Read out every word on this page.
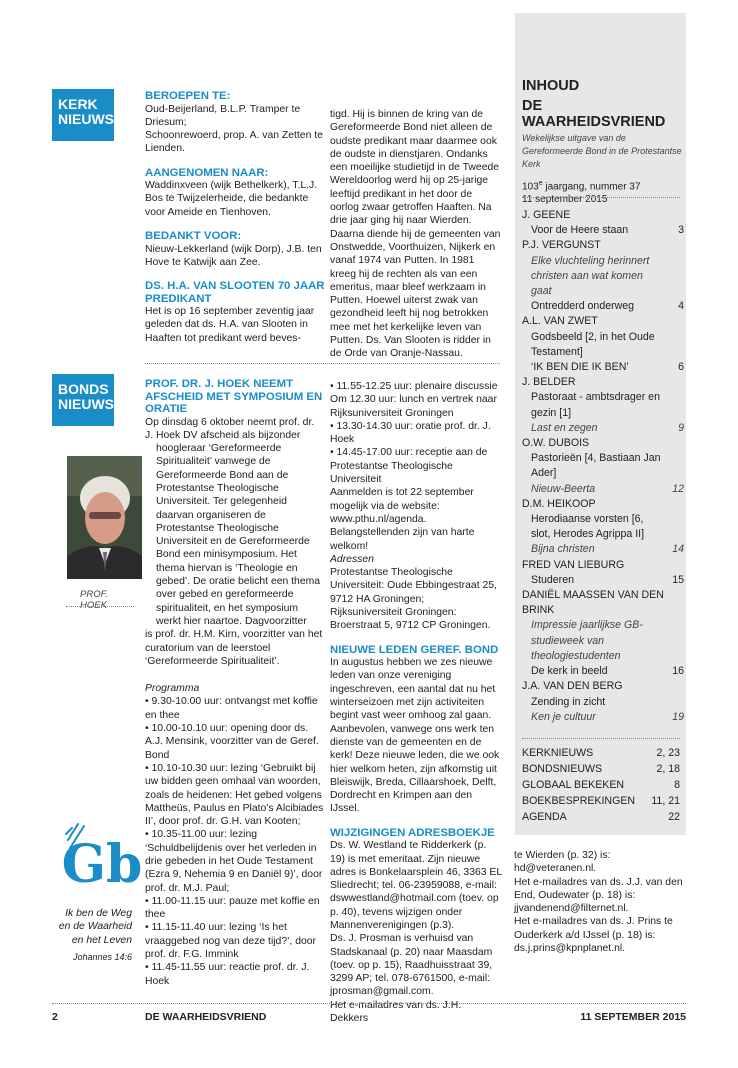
KERK
NIEUWS
BEROEPEN TE:

Oud-Beijerland, B.L.P. Tramper te Driesum;

Schoonrewoerd, prop. A. van Zetten te Lienden.

AANGENOMEN NAAR:

Waddinxveen (wijk Bethelkerk), T.L.J. Bos te Twijzelerheide, die bedankte voor Ameide en Tienhoven.

BEDANKT VOOR:

Nieuw-Lekkerland (wijk Dorp), J.B. ten Hove te Katwijk aan Zee.

DS. H.A. VAN SLOOTEN 70 JAAR PREDIKANT

Het is op 16 september zeventig jaar geleden dat ds. H.A. van Slooten in Haaften tot predikant werd beves-

tigd. Hij is binnen de kring van de Gereformeerde Bond niet alleen de oudste predikant maar daarmee ook de oudste in dienstjaren. Ondanks een moeilijke studietijd in de Tweede Wereldoorlog werd hij op 25-jarige leeftijd predikant in het door de oorlog zwaar getroffen Haaften. Na drie jaar ging hij naar Wierden. Daarna diende hij de gemeenten van Onstwedde, Voorthuizen, Nijkerk en vanaf 1974 van Putten. In 1981 kreeg hij de rechten als van een emeritus, maar bleef werkzaam in Putten. Hoewel uiterst zwak van gezondheid leeft hij nog betrokken mee met het kerkelijke leven van Putten. Ds. Van Slooten is ridder in de Orde van Oranje-Nassau.

BONDS
NIEUWS
PROF. HOEK
PROF. DR. J. HOEK NEEMT AFSCHEID MET SYMPOSIUM EN ORATIE

Op dinsdag 6 oktober neemt prof. dr. J. Hoek DV afscheid als bijzonder

hoogleraar ‘Gereformeerde Spiritualiteit’ vanwege de Gereformeerde Bond aan de Protestantse Theologische Universiteit. Ter gelegenheid daarvan organiseren de Protestantse Theologische Universiteit en de Gereformeerde Bond een minisymposium. Het thema hiervan is ‘Theologie en gebed’. De oratie belicht een thema over gebed en gereformeerde spiritualiteit, en het symposium werkt hier naartoe. Dagvoorzitter

is prof. dr. H.M. Kirn, voorzitter van het curatorium van de leerstoel ‘Gereformeerde Spiritualiteit’.

Programma

• 9.30-10.00 uur: ontvangst met koffie en thee

• 10.00-10.10 uur: opening door ds. A.J. Mensink, voorzitter van de Geref. Bond

• 10.10-10.30 uur: lezing ‘Gebruikt bij uw bidden geen omhaal van woorden, zoals de heidenen: Het gebed volgens Mattheüs, Paulus en Plato’s Alcibiades II’, door prof. dr. G.H. van Kooten;

• 10.35-11.00 uur: lezing ‘Schuldbelijdenis over het verleden in drie gebeden in het Oude Testament (Ezra 9, Nehemia 9 en Daniël 9)’, door prof. dr. M.J. Paul;

• 11.00-11.15 uur: pauze met koffie en thee

• 11.15-11.40 uur: lezing ‘Is het vraaggebed nog van deze tijd?’, door prof. dr. F.G. Immink

• 11.45-11.55 uur: reactie prof. dr. J. Hoek

• 11.55-12.25 uur: plenaire discussie

Om 12.30 uur: lunch en vertrek naar Rijksuniversiteit Groningen

• 13.30-14.30 uur: oratie prof. dr. J. Hoek

• 14.45-17.00 uur: receptie aan de Protestantse Theologische Universiteit

Aanmelden is tot 22 september mogelijk via de website: www.pthu.nl/agenda. Belangstellenden zijn van harte welkom!

Adressen

Protestantse Theologische Universiteit: Oude Ebbingestraat 25, 9712 HA Groningen;

Rijksuniversiteit Groningen: Broerstraat 5, 9712 CP Groningen.

NIEUWE LEDEN GEREF. BOND

In augustus hebben we zes nieuwe leden van onze vereniging ingeschreven, een aantal dat nu het winterseizoen met zijn activiteiten begint vast weer omhoog zal gaan. Aanbevolen, vanwege ons werk ten dienste van de gemeenten en de kerk! Deze nieuwe leden, die we ook hier welkom heten, zijn afkomstig uit Bleiswijk, Breda, Cillaarshoek, Delft, Dordrecht en Krimpen aan den IJssel.

WIJZIGINGEN ADRESBOEKJE

Ds. W. Westland te Ridderkerk (p. 19) is met emeritaat. Zijn nieuwe adres is Bonkelaarsplein 46, 3363 EL Sliedrecht; tel. 06-23959088, e-mail: dswwestland@hotmail.com (toev. op p. 40), tevens wijzigen onder Mannenverenigingen (p.3).

Ds. J. Prosman is verhuisd van Stadskanaal (p. 20) naar Maasdam (toev. op p. 15), Raadhuisstraat 39, 3299 AP; tel. 078-6761500, e-mail: jprosman@gmail.com.

Het e-mailadres van ds. J.H. Dekkers

te Wierden (p. 32) is: hd@veteranen.nl.

Het e-mailadres van ds. J.J. van den End, Oudewater (p. 18) is: jjvandenend@filternet.nl.

Het e-mailadres van ds. J. Prins te Ouderkerk a/d IJssel (p. 18) is: ds.j.prins@kpnplanet.nl.

Gb
Ik ben de Weg
en de Waarheid
en het Leven
Johannes 14:6
INHOUD
DE WAARHEIDSVRIEND
Wekelijkse uitgave van de Gereformeerde Bond in de Protestantse Kerk
103e jaargang, nummer 37
11 september 2015
J. GEENE
Voor de Heere staan	3
P.J. VERGUNST
Elke vluchteling herinnert christen aan wat komen gaat
Ontredderd onderweg	4
A.L. VAN ZWET
Godsbeeld [2, in het Oude Testament]
‘IK BEN DIE IK BEN’	6
J. BELDER
Pastoraat - ambtsdrager en gezin [1]
Last en zegen	9
O.W. DUBOIS
Pastorieën [4, Bastiaan Jan Ader]
Nieuw-Beerta	12
D.M. HEIKOOP
Herodiaanse vorsten [6, slot, Herodes Agrippa II]
Bijna christen	14
FRED VAN LIEBURG
Studeren	15
DANIËL MAASSEN VAN DEN BRINK
Impressie jaarlijkse GB-studieweek van theologiestudenten
De kerk in beeld	16
J.A. VAN DEN BERG
Zending in zicht
Ken je cultuur	19
KERKNIEUWS	2, 23
BONDSNIEUWS	2, 18
GLOBAAL BEKEKEN	8
BOEKBESPREKINGEN 11, 21
AGENDA	22
2	DE WAARHEIDSVRIEND	11 SEPTEMBER 2015
